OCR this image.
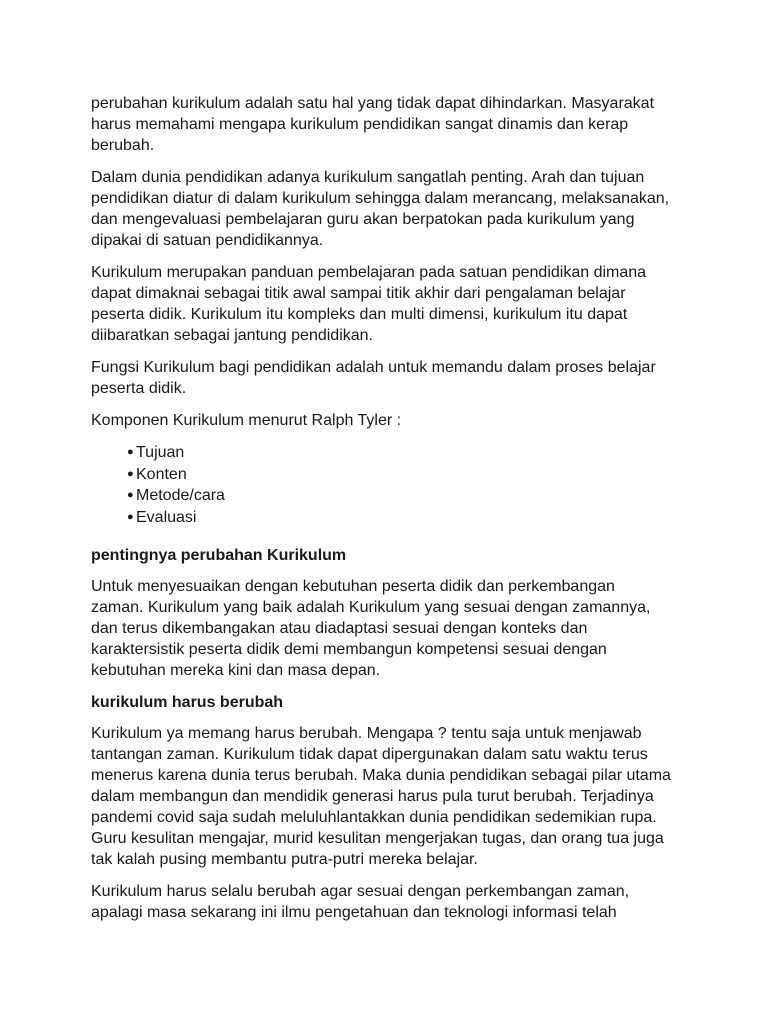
perubahan kurikulum adalah satu hal yang tidak dapat dihindarkan. Masyarakat harus memahami mengapa kurikulum pendidikan sangat dinamis dan kerap berubah.

Dalam dunia pendidikan adanya kurikulum sangatlah penting. Arah dan tujuan pendidikan diatur di dalam kurikulum sehingga dalam merancang, melaksanakan, dan mengevaluasi pembelajaran guru akan berpatokan pada kurikulum yang dipakai di satuan pendidikannya.

Kurikulum merupakan panduan pembelajaran pada satuan pendidikan dimana dapat dimaknai sebagai titik awal sampai titik akhir dari pengalaman belajar peserta didik. Kurikulum itu kompleks dan multi dimensi, kurikulum itu dapat diibaratkan sebagai jantung pendidikan.

Fungsi Kurikulum bagi pendidikan adalah untuk memandu dalam proses belajar peserta didik.

Komponen Kurikulum menurut Ralph Tyler :

● Tujuan
● Konten
● Metode/cara
● Evaluasi

pentingnya perubahan Kurikulum

Untuk menyesuaikan dengan kebutuhan peserta didik dan perkembangan zaman. Kurikulum yang baik adalah Kurikulum yang sesuai dengan zamannya, dan terus dikembangakan atau diadaptasi sesuai dengan konteks dan karaktersistik peserta didik demi membangun kompetensi sesuai dengan kebutuhan mereka kini dan masa depan.

kurikulum harus berubah

Kurikulum ya memang harus berubah. Mengapa ? tentu saja untuk menjawab tantangan zaman. Kurikulum tidak dapat dipergunakan dalam satu waktu terus menerus karena dunia terus berubah. Maka dunia pendidikan sebagai pilar utama dalam membangun dan mendidik generasi harus pula turut berubah. Terjadinya pandemi covid saja sudah meluluhlantakkan dunia pendidikan sedemikian rupa. Guru kesulitan mengajar, murid kesulitan mengerjakan tugas, dan orang tua juga tak kalah pusing membantu putra-putri mereka belajar.

Kurikulum harus selalu berubah agar sesuai dengan perkembangan zaman, apalagi masa sekarang ini ilmu pengetahuan dan teknologi informasi telah
